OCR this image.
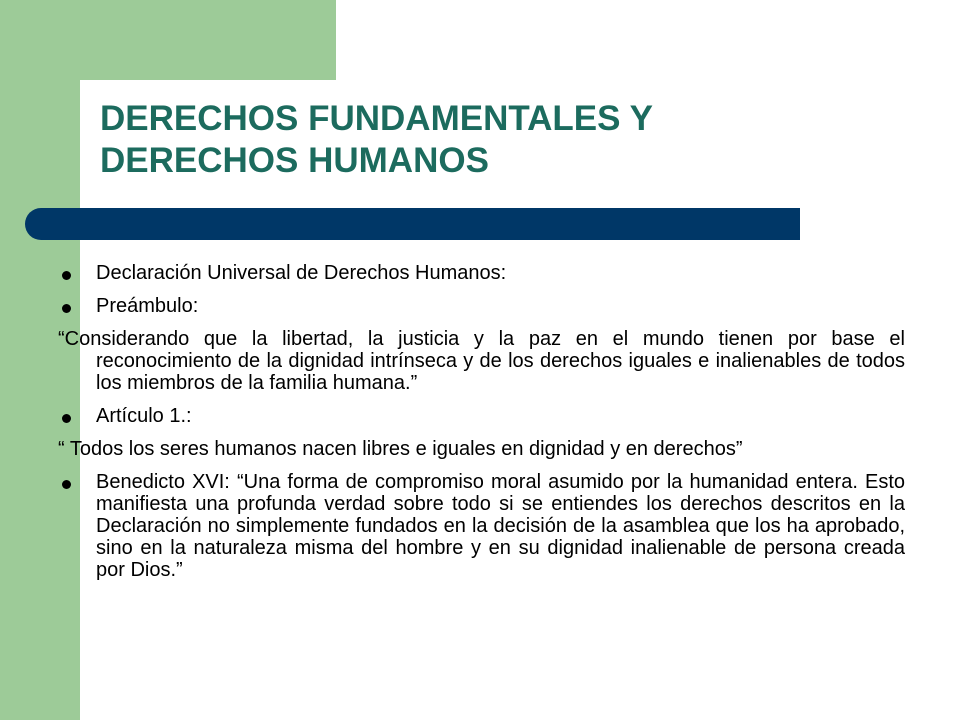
DERECHOS FUNDAMENTALES Y
DERECHOS HUMANOS
Declaración Universal de Derechos Humanos:
Preámbulo:
“Considerando que la libertad, la justicia y la paz en el mundo tienen por base el reconocimiento de la dignidad intrínseca y de los derechos iguales e inalienables de todos los miembros de la familia humana.”
Artículo 1.:
“ Todos los seres humanos nacen libres e iguales en dignidad y en derechos”
Benedicto XVI: “Una forma de compromiso moral asumido por la humanidad entera. Esto manifiesta una profunda verdad sobre todo si se entiendes los derechos descritos en la Declaración no simplemente fundados en la decisión de la asamblea que los ha aprobado, sino en la naturaleza misma del hombre y en su dignidad inalienable de persona creada por Dios.”
